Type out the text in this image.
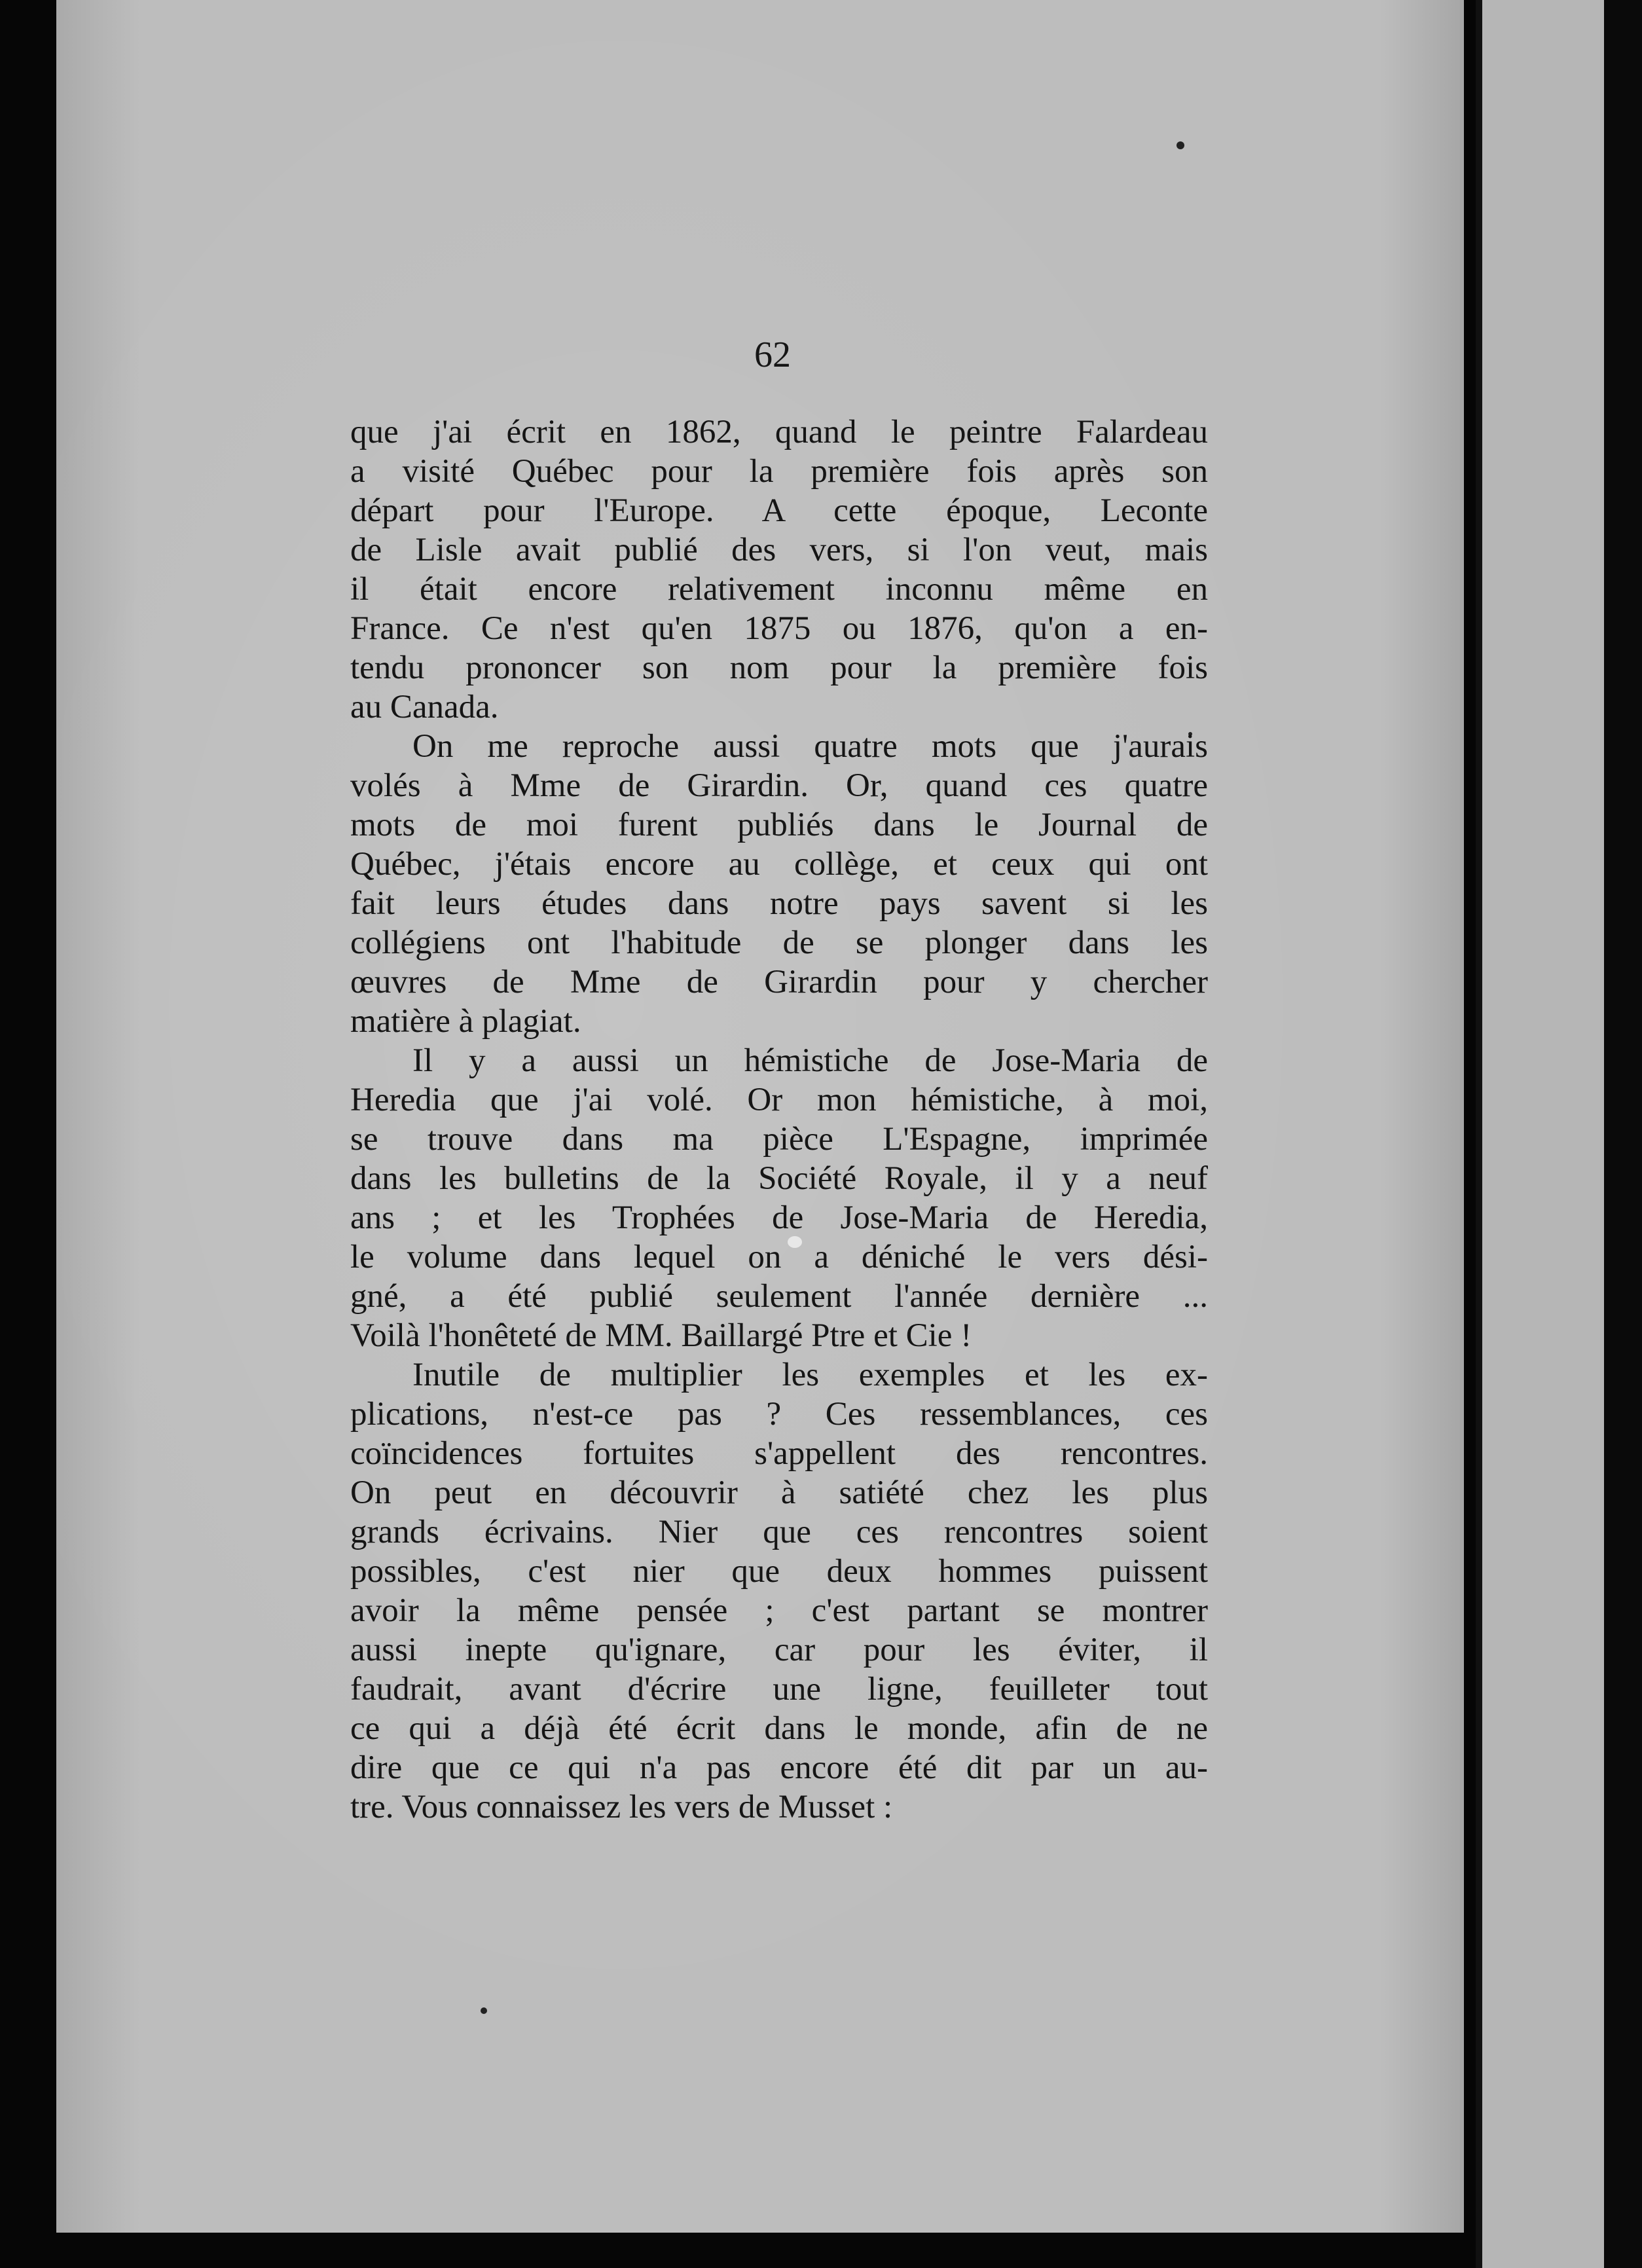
62

que j'ai écrit en 1862, quand le peintre Falardeau
a visité Québec pour la première fois après son
départ pour l'Europe. A cette époque, Leconte
de Lisle avait publié des vers, si l'on veut, mais
il était encore relativement inconnu même en
France. Ce n'est qu'en 1875 ou 1876, qu'on a en-
tendu prononcer son nom pour la première fois
au Canada.

On me reproche aussi quatre mots que j'aurais
volés à Mme de Girardin. Or, quand ces quatre
mots de moi furent publiés dans le Journal de
Québec, j'étais encore au collège, et ceux qui ont
fait leurs études dans notre pays savent si les
collégiens ont l'habitude de se plonger dans les
œuvres de Mme de Girardin pour y chercher
matière à plagiat.

Il y a aussi un hémistiche de Jose-Maria de
Heredia que j'ai volé. Or mon hémistiche, à moi,
se trouve dans ma pièce L'Espagne, imprimée
dans les bulletins de la Société Royale, il y a neuf
ans ; et les Trophées de Jose-Maria de Heredia,
le volume dans lequel on a déniché le vers dési-
gné, a été publié seulement l'année dernière ...
Voilà l'honêteté de MM. Baillargé Ptre et Cie !

Inutile de multiplier les exemples et les ex-
plications, n'est-ce pas ? Ces ressemblances, ces
coïncidences fortuites s'appellent des rencontres.
On peut en découvrir à satiété chez les plus
grands écrivains. Nier que ces rencontres soient
possibles, c'est nier que deux hommes puissent
avoir la même pensée ; c'est partant se montrer
aussi inepte qu'ignare, car pour les éviter, il
faudrait, avant d'écrire une ligne, feuilleter tout
ce qui a déjà été écrit dans le monde, afin de ne
dire que ce qui n'a pas encore été dit par un au-
tre. Vous connaissez les vers de Musset :
